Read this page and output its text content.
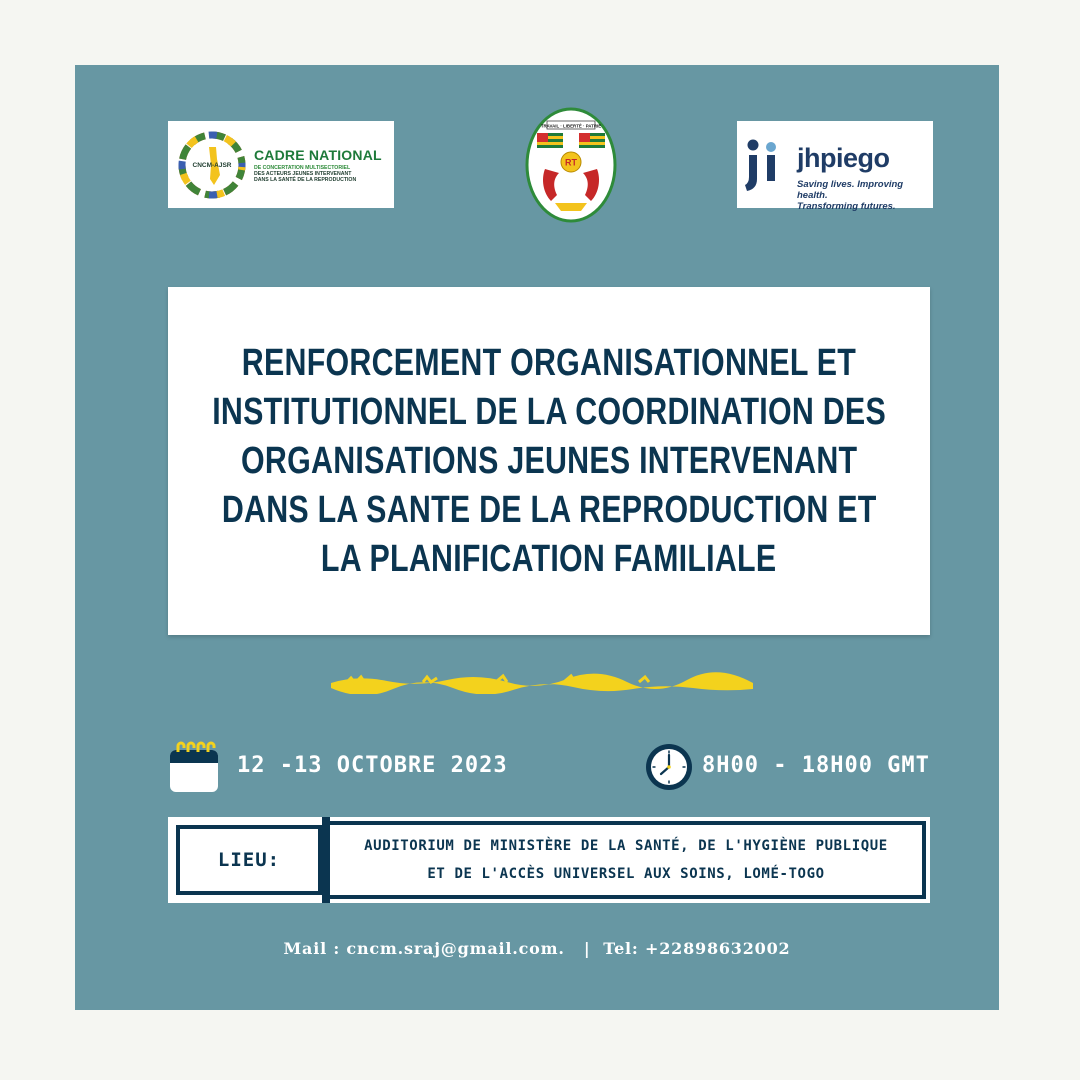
CNCM-AJSR
CADRE NATIONAL
DE CONCERTATION MULTISECTORIEL
DES ACTEURS JEUNES INTERVENANT
DANS LA SANTÉ DE LA REPRODUCTION
TRAVAIL · LIBERTÉ · PATRIE
RT	jhpiego
Saving lives. Improving health.
Transforming futures.
RENFORCEMENT ORGANISATIONNEL ET
INSTITUTIONNEL DE LA COORDINATION DES
ORGANISATIONS JEUNES INTERVENANT
DANS LA SANTE DE LA REPRODUCTION ET
LA PLANIFICATION FAMILIALE
12 -13 OCTOBRE 2023	8H00 - 18H00 GMT
LIEU:
AUDITORIUM DE MINISTÈRE DE LA SANTÉ, DE L'HYGIÈNE PUBLIQUE
ET DE L'ACCÈS UNIVERSEL AUX SOINS, LOMÉ-TOGO
Mail : cncm.sraj@gmail.com.   |  Tel: +22898632002
